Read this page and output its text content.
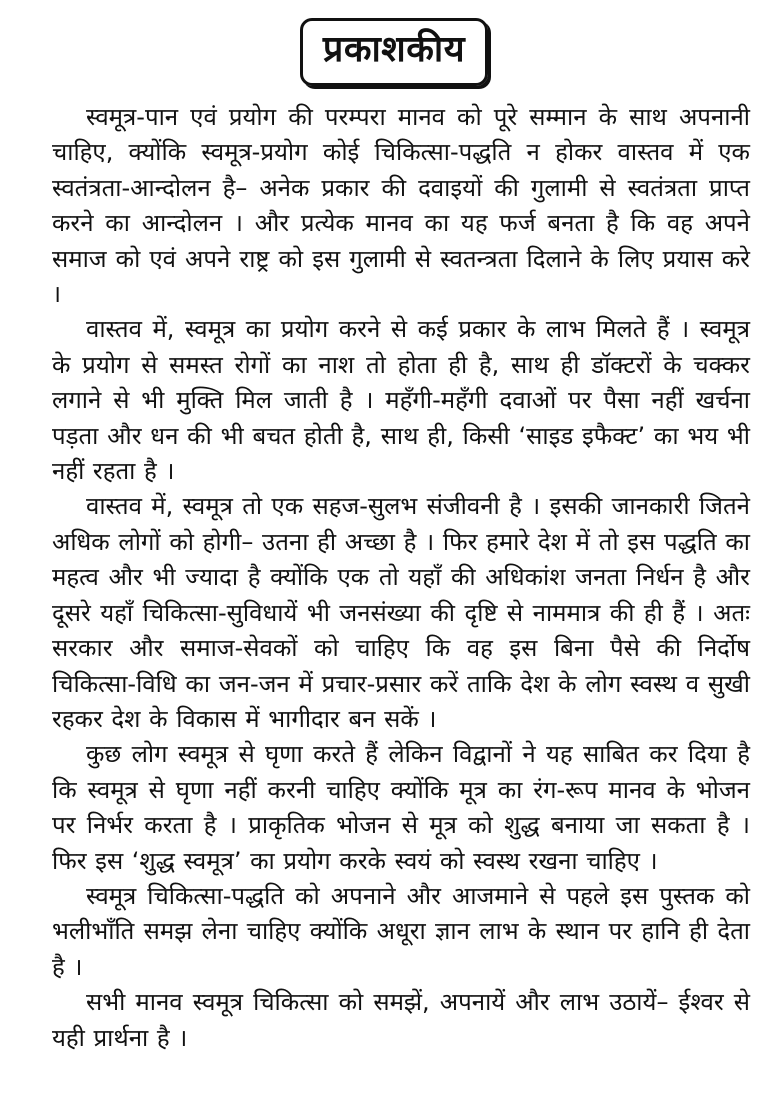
प्रकाशकीय

स्वमूत्र-पान एवं प्रयोग की परम्परा मानव को पूरे सम्मान के साथ अपनानी चाहिए, क्योंकि स्वमूत्र-प्रयोग कोई चिकित्सा-पद्धति न होकर वास्तव में एक स्वतंत्रता-आन्दोलन है– अनेक प्रकार की दवाइयों की गुलामी से स्वतंत्रता प्राप्त करने का आन्दोलन । और प्रत्येक मानव का यह फर्ज बनता है कि वह अपने समाज को एवं अपने राष्ट्र को इस गुलामी से स्वतन्त्रता दिलाने के लिए प्रयास करे ।

वास्तव में, स्वमूत्र का प्रयोग करने से कई प्रकार के लाभ मिलते हैं । स्वमूत्र के प्रयोग से समस्त रोगों का नाश तो होता ही है, साथ ही डॉक्टरों के चक्कर लगाने से भी मुक्ति मिल जाती है । महँगी-महँगी दवाओं पर पैसा नहीं खर्चना पड़ता और धन की भी बचत होती है, साथ ही, किसी ‘साइड इफैक्ट’ का भय भी नहीं रहता है ।

वास्तव में, स्वमूत्र तो एक सहज-सुलभ संजीवनी है । इसकी जानकारी जितने अधिक लोगों को होगी– उतना ही अच्छा है । फिर हमारे देश में तो इस पद्धति का महत्व और भी ज्यादा है क्योंकि एक तो यहाँ की अधिकांश जनता निर्धन है और दूसरे यहाँ चिकित्सा-सुविधायें भी जनसंख्या की दृष्टि से नाममात्र की ही हैं । अतः सरकार और समाज-सेवकों को चाहिए कि वह इस बिना पैसे की निर्दोष चिकित्सा-विधि का जन-जन में प्रचार-प्रसार करें ताकि देश के लोग स्वस्थ व सुखी रहकर देश के विकास में भागीदार बन सकें ।

कुछ लोग स्वमूत्र से घृणा करते हैं लेकिन विद्वानों ने यह साबित कर दिया है कि स्वमूत्र से घृणा नहीं करनी चाहिए क्योंकि मूत्र का रंग-रूप मानव के भोजन पर निर्भर करता है । प्राकृतिक भोजन से मूत्र को शुद्ध बनाया जा सकता है । फिर इस ‘शुद्ध स्वमूत्र’ का प्रयोग करके स्वयं को स्वस्थ रखना चाहिए ।

स्वमूत्र चिकित्सा-पद्धति को अपनाने और आजमाने से पहले इस पुस्तक को भलीभाँति समझ लेना चाहिए क्योंकि अधूरा ज्ञान लाभ के स्थान पर हानि ही देता है ।

सभी मानव स्वमूत्र चिकित्सा को समझें, अपनायें और लाभ उठायें– ईश्वर से यही प्रार्थना है ।
